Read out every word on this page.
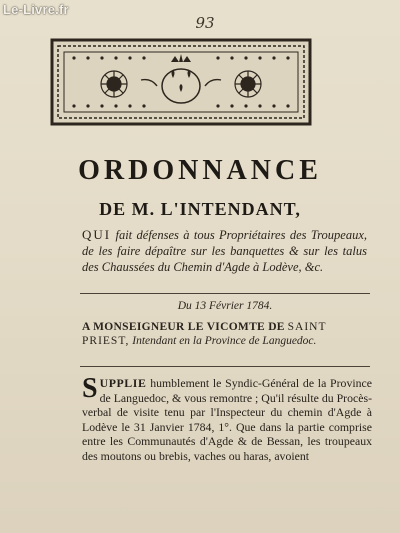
Le-Livre.fr
93
ORDONNANCE
DE M. L'INTENDANT,
QUI fait défenses à tous Propriétaires des Troupeaux, de les faire dépaître sur les banquettes & sur les talus des Chaussées du Chemin d'Agde à Lodève, &c.
Du 13 Février 1784.
A MONSEIGNEUR LE VICOMTE DE SAINT PRIEST, Intendant en la Province de Languedoc.
SUPPLIE humblement le Syndic-Général de la Province de Languedoc, & vous remontre ; Qu'il résulte du Procès-verbal de visite tenu par l'Inspecteur du chemin d'Agde à Lodève le 31 Janvier 1784, 1°. Que dans la partie comprise entre les Communautés d'Agde & de Bessan, les troupeaux des moutons ou brebis, vaches ou haras, avoient
